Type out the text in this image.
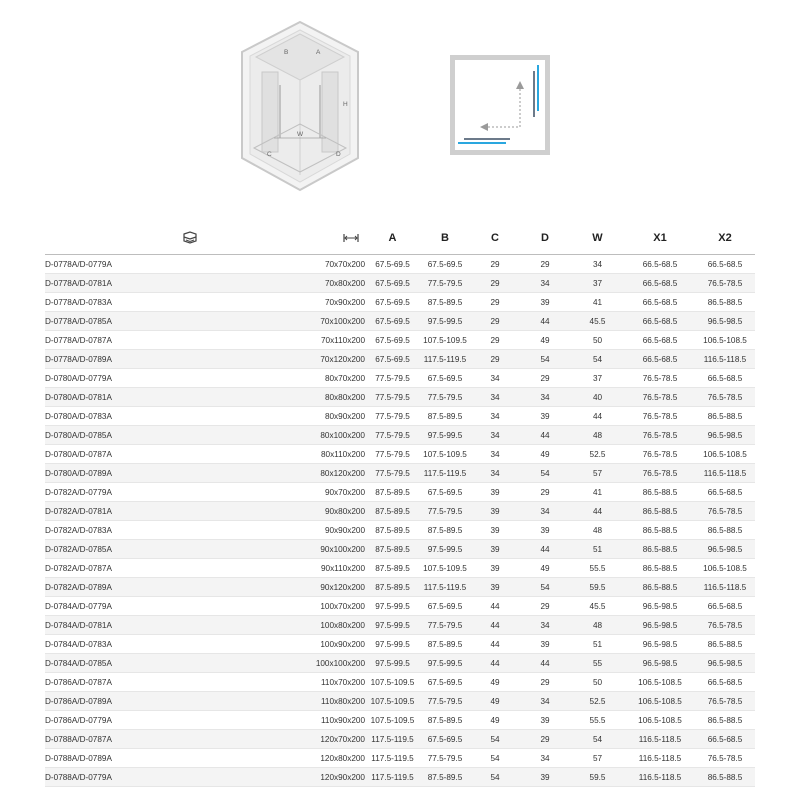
B	A
H
W
C	D
		A	B	C	D	W	X1	X2
D-0778A/D-0779A	70x70x200	67.5-69.5	67.5-69.5	29	29	34	66.5-68.5	66.5-68.5
D-0778A/D-0781A	70x80x200	67.5-69.5	77.5-79.5	29	34	37	66.5-68.5	76.5-78.5
D-0778A/D-0783A	70x90x200	67.5-69.5	87.5-89.5	29	39	41	66.5-68.5	86.5-88.5
D-0778A/D-0785A	70x100x200	67.5-69.5	97.5-99.5	29	44	45.5	66.5-68.5	96.5-98.5
D-0778A/D-0787A	70x110x200	67.5-69.5	107.5-109.5	29	49	50	66.5-68.5	106.5-108.5
D-0778A/D-0789A	70x120x200	67.5-69.5	117.5-119.5	29	54	54	66.5-68.5	116.5-118.5
D-0780A/D-0779A	80x70x200	77.5-79.5	67.5-69.5	34	29	37	76.5-78.5	66.5-68.5
D-0780A/D-0781A	80x80x200	77.5-79.5	77.5-79.5	34	34	40	76.5-78.5	76.5-78.5
D-0780A/D-0783A	80x90x200	77.5-79.5	87.5-89.5	34	39	44	76.5-78.5	86.5-88.5
D-0780A/D-0785A	80x100x200	77.5-79.5	97.5-99.5	34	44	48	76.5-78.5	96.5-98.5
D-0780A/D-0787A	80x110x200	77.5-79.5	107.5-109.5	34	49	52.5	76.5-78.5	106.5-108.5
D-0780A/D-0789A	80x120x200	77.5-79.5	117.5-119.5	34	54	57	76.5-78.5	116.5-118.5
D-0782A/D-0779A	90x70x200	87.5-89.5	67.5-69.5	39	29	41	86.5-88.5	66.5-68.5
D-0782A/D-0781A	90x80x200	87.5-89.5	77.5-79.5	39	34	44	86.5-88.5	76.5-78.5
D-0782A/D-0783A	90x90x200	87.5-89.5	87.5-89.5	39	39	48	86.5-88.5	86.5-88.5
D-0782A/D-0785A	90x100x200	87.5-89.5	97.5-99.5	39	44	51	86.5-88.5	96.5-98.5
D-0782A/D-0787A	90x110x200	87.5-89.5	107.5-109.5	39	49	55.5	86.5-88.5	106.5-108.5
D-0782A/D-0789A	90x120x200	87.5-89.5	117.5-119.5	39	54	59.5	86.5-88.5	116.5-118.5
D-0784A/D-0779A	100x70x200	97.5-99.5	67.5-69.5	44	29	45.5	96.5-98.5	66.5-68.5
D-0784A/D-0781A	100x80x200	97.5-99.5	77.5-79.5	44	34	48	96.5-98.5	76.5-78.5
D-0784A/D-0783A	100x90x200	97.5-99.5	87.5-89.5	44	39	51	96.5-98.5	86.5-88.5
D-0784A/D-0785A	100x100x200	97.5-99.5	97.5-99.5	44	44	55	96.5-98.5	96.5-98.5
D-0786A/D-0787A	110x70x200	107.5-109.5	67.5-69.5	49	29	50	106.5-108.5	66.5-68.5
D-0786A/D-0789A	110x80x200	107.5-109.5	77.5-79.5	49	34	52.5	106.5-108.5	76.5-78.5
D-0786A/D-0779A	110x90x200	107.5-109.5	87.5-89.5	49	39	55.5	106.5-108.5	86.5-88.5
D-0788A/D-0787A	120x70x200	117.5-119.5	67.5-69.5	54	29	54	116.5-118.5	66.5-68.5
D-0788A/D-0789A	120x80x200	117.5-119.5	77.5-79.5	54	34	57	116.5-118.5	76.5-78.5
D-0788A/D-0779A	120x90x200	117.5-119.5	87.5-89.5	54	39	59.5	116.5-118.5	86.5-88.5
